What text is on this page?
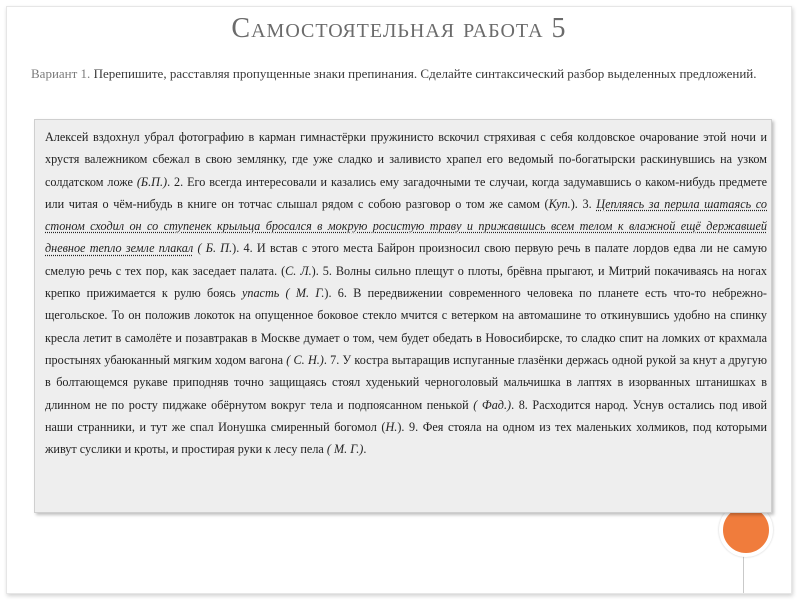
Самостоятельная работа 5
Вариант 1. Перепишите, расставляя пропущенные знаки препинания. Сделайте синтаксический разбор выделенных предложений.
Алексей вздохнул убрал фотографию в карман гимнастёрки пружинисто вскочил стряхивая с себя колдовское очарование этой ночи и хрустя валежником сбежал в свою землянку, где уже сладко и заливисто храпел его ведомый по-богатырски раскинувшись на узком солдатском ложе (Б.П.). 2. Его всегда интересовали и казались ему загадочными те случаи, когда задумавшись о каком-нибудь предмете или читая о чём-нибудь в книге он тотчас слышал рядом с собою разговор о том же самом (Куп.). 3. Цепляясь за перила шатаясь со стоном сходил он со ступенек крыльца бросался в мокрую росистую траву и прижавшись всем телом к влажной ещё державшей дневное тепло земле плакал ( Б. П.). 4. И встав с этого места Байрон произносил свою первую речь в палате лордов едва ли не самую смелую речь с тех пор, как заседает палата. (С. Л.). 5. Волны сильно плещут о плоты, брёвна прыгают, и Митрий покачиваясь на ногах крепко прижимается к рулю боясь упасть ( М. Г.). 6. В передвижении современного человека по планете есть что-то небрежно-щегольское. То он положив локоток на опущенное боковое стекло мчится с ветерком на автомашине то откинувшись удобно на спинку кресла летит в самолёте и позавтракав в Москве думает о том, чем будет обедать в Новосибирске, то сладко спит на ломких от крахмала простынях убаюканный мягким ходом вагона ( С. Н.). 7. У костра вытаращив испуганные глазёнки держась одной рукой за кнут а другую в болтающемся рукаве приподняв точно защищаясь стоял худенький черноголовый мальчишка в лаптях в изорванных штанишках в длинном не по росту пиджаке обёрнутом вокруг тела и подпоясанном пенькой ( Фад.). 8. Расходится народ. Уснув остались под ивой наши странники, и тут же спал Ионушка смиренный богомол (Н.). 9. Фея стояла на одном из тех маленьких холмиков, под которыми живут суслики и кроты, и простирая руки к лесу пела ( М. Г.).
